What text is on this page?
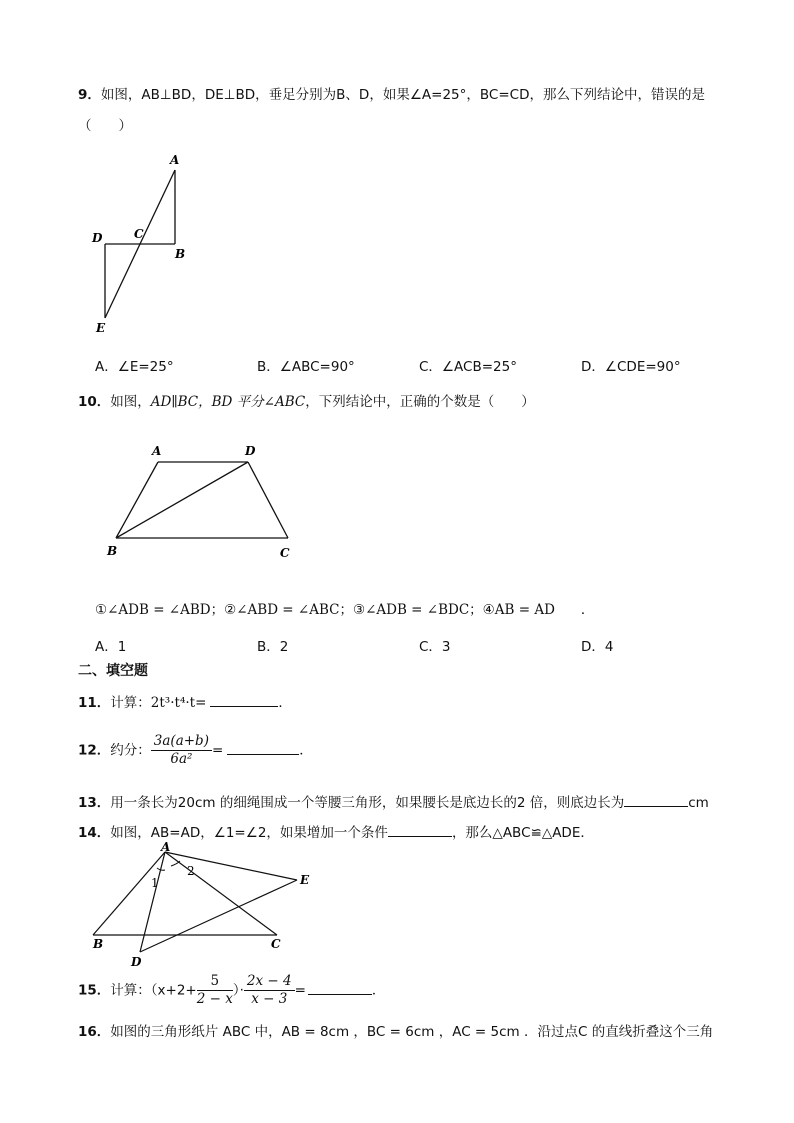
9．如图，AB⊥BD，DE⊥BD，垂足分别为B、D，如果∠A=25°，BC=CD，那么下列结论中，错误的是
（　　）
A
D	C
B
E
A．∠E=25°	B．∠ABC=90°	C．∠ACB=25°	D．∠CDE=90°
10．如图，AD∥BC，BD 平分∠ABC，下列结论中，正确的个数是（　　）
A	D
B	C
①∠ADB = ∠ABD；②∠ABD = ∠ABC；③∠ADB = ∠BDC；④AB = AD ．
A．1	B．2	C．3	D．4
二、填空题
11．计算：2t³·t⁴·t=	．
12．约分： $\frac{3a(a+b)}{\text{6a²}}$ =	．
13．用一条长为20cm 的细绳围成一个等腰三角形，如果腰长是底边长的2 倍，则底边长为	cm
14．如图，AB=AD，∠1=∠2，如果增加一个条件	，那么△ABC≌△ADE．
A
E
B	C
D
1
2
15．计算：（$x+2+ \frac{5}{2 - x}$ ）· $\frac{2x - 4}{x - 3}$ =	．
16．如图的三角形纸片 ABC 中，AB = 8cm ，BC = 6cm ，AC = 5cm ．沿过点C 的直线折叠这个三角
